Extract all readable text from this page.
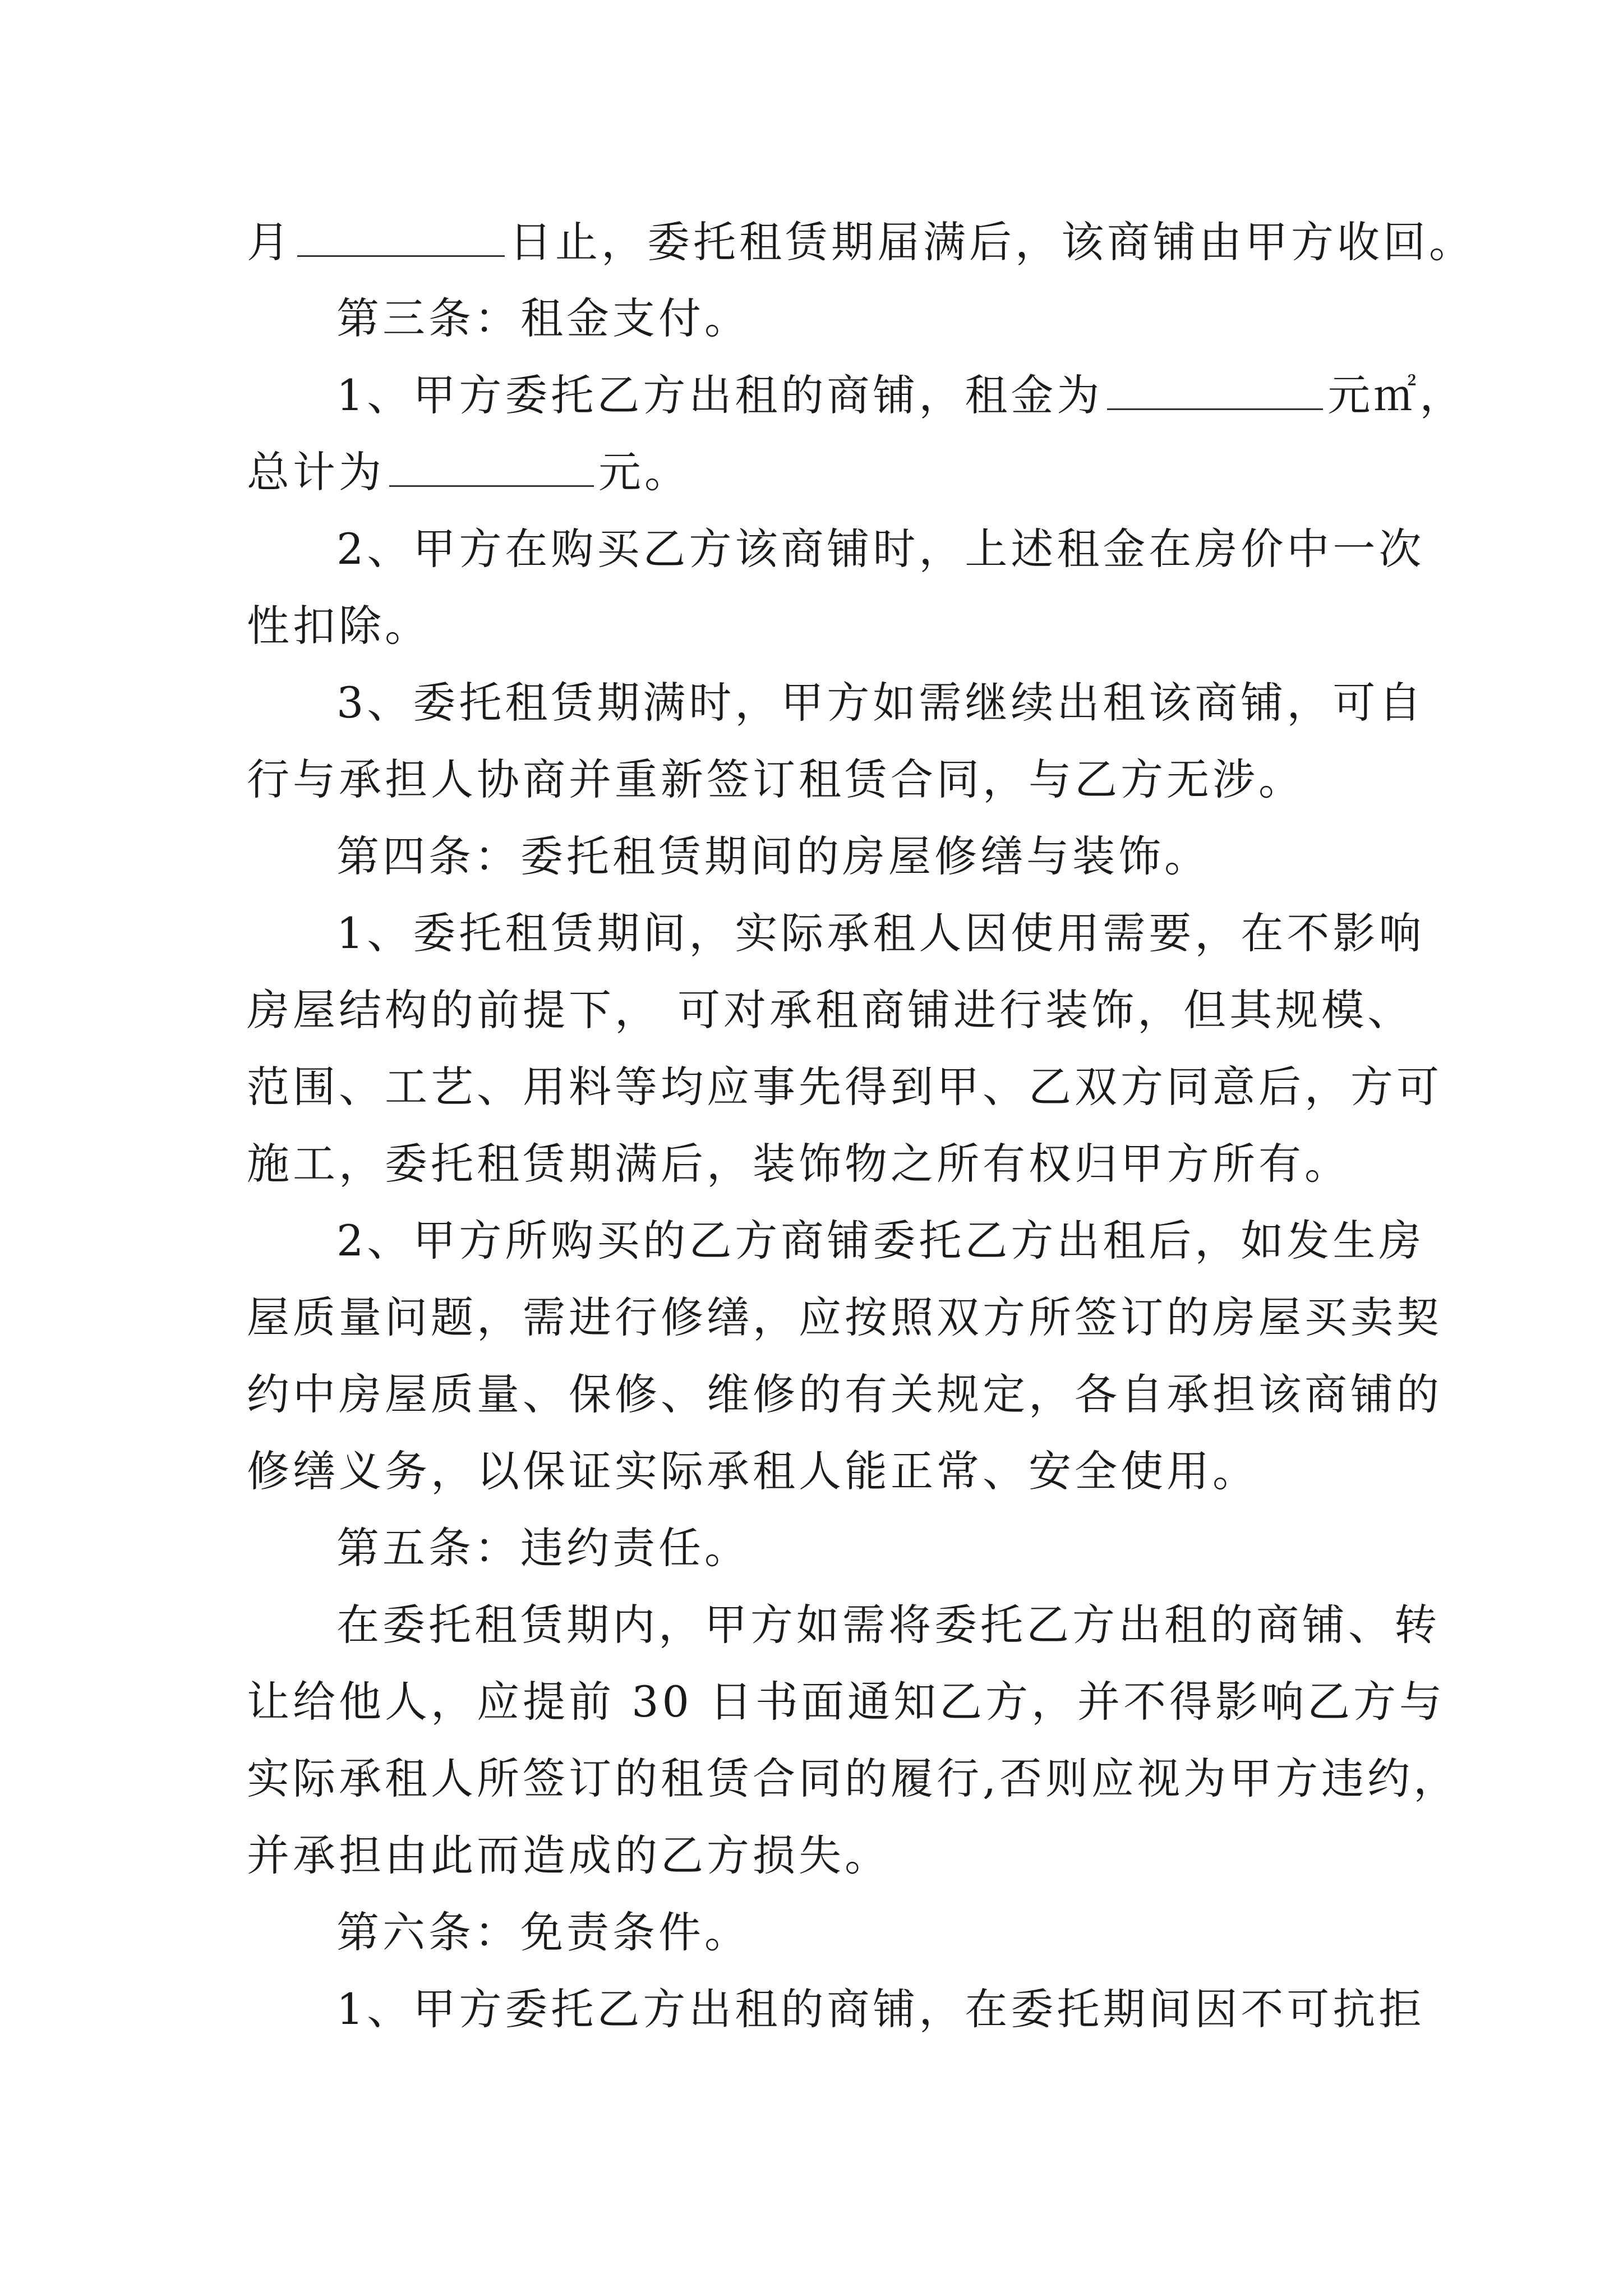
月	日止，委托租赁期届满后，该商铺由甲方收回。
第三条：租金支付。
1、甲方委托乙方出租的商铺，租金为	元㎡，
总计为	元。
2、甲方在购买乙方该商铺时，上述租金在房价中一次
性扣除。
3、委托租赁期满时，甲方如需继续出租该商铺，可自
行与承担人协商并重新签订租赁合同，与乙方无涉。
第四条：委托租赁期间的房屋修缮与装饰。
1、委托租赁期间，实际承租人因使用需要，在不影响
房屋结构的前提下， 可对承租商铺进行装饰，但其规模、
范围、工艺、用料等均应事先得到甲、乙双方同意后，方可
施工，委托租赁期满后，装饰物之所有权归甲方所有。
2、甲方所购买的乙方商铺委托乙方出租后，如发生房
屋质量问题，需进行修缮，应按照双方所签订的房屋买卖契
约中房屋质量、保修、维修的有关规定，各自承担该商铺的
修缮义务，以保证实际承租人能正常、安全使用。
第五条：违约责任。
在委托租赁期内，甲方如需将委托乙方出租的商铺、转
让给他人，应提前 30 日书面通知乙方，并不得影响乙方与
实际承租人所签订的租赁合同的履行,否则应视为甲方违约，
并承担由此而造成的乙方损失。
第六条：免责条件。
1、甲方委托乙方出租的商铺，在委托期间因不可抗拒
